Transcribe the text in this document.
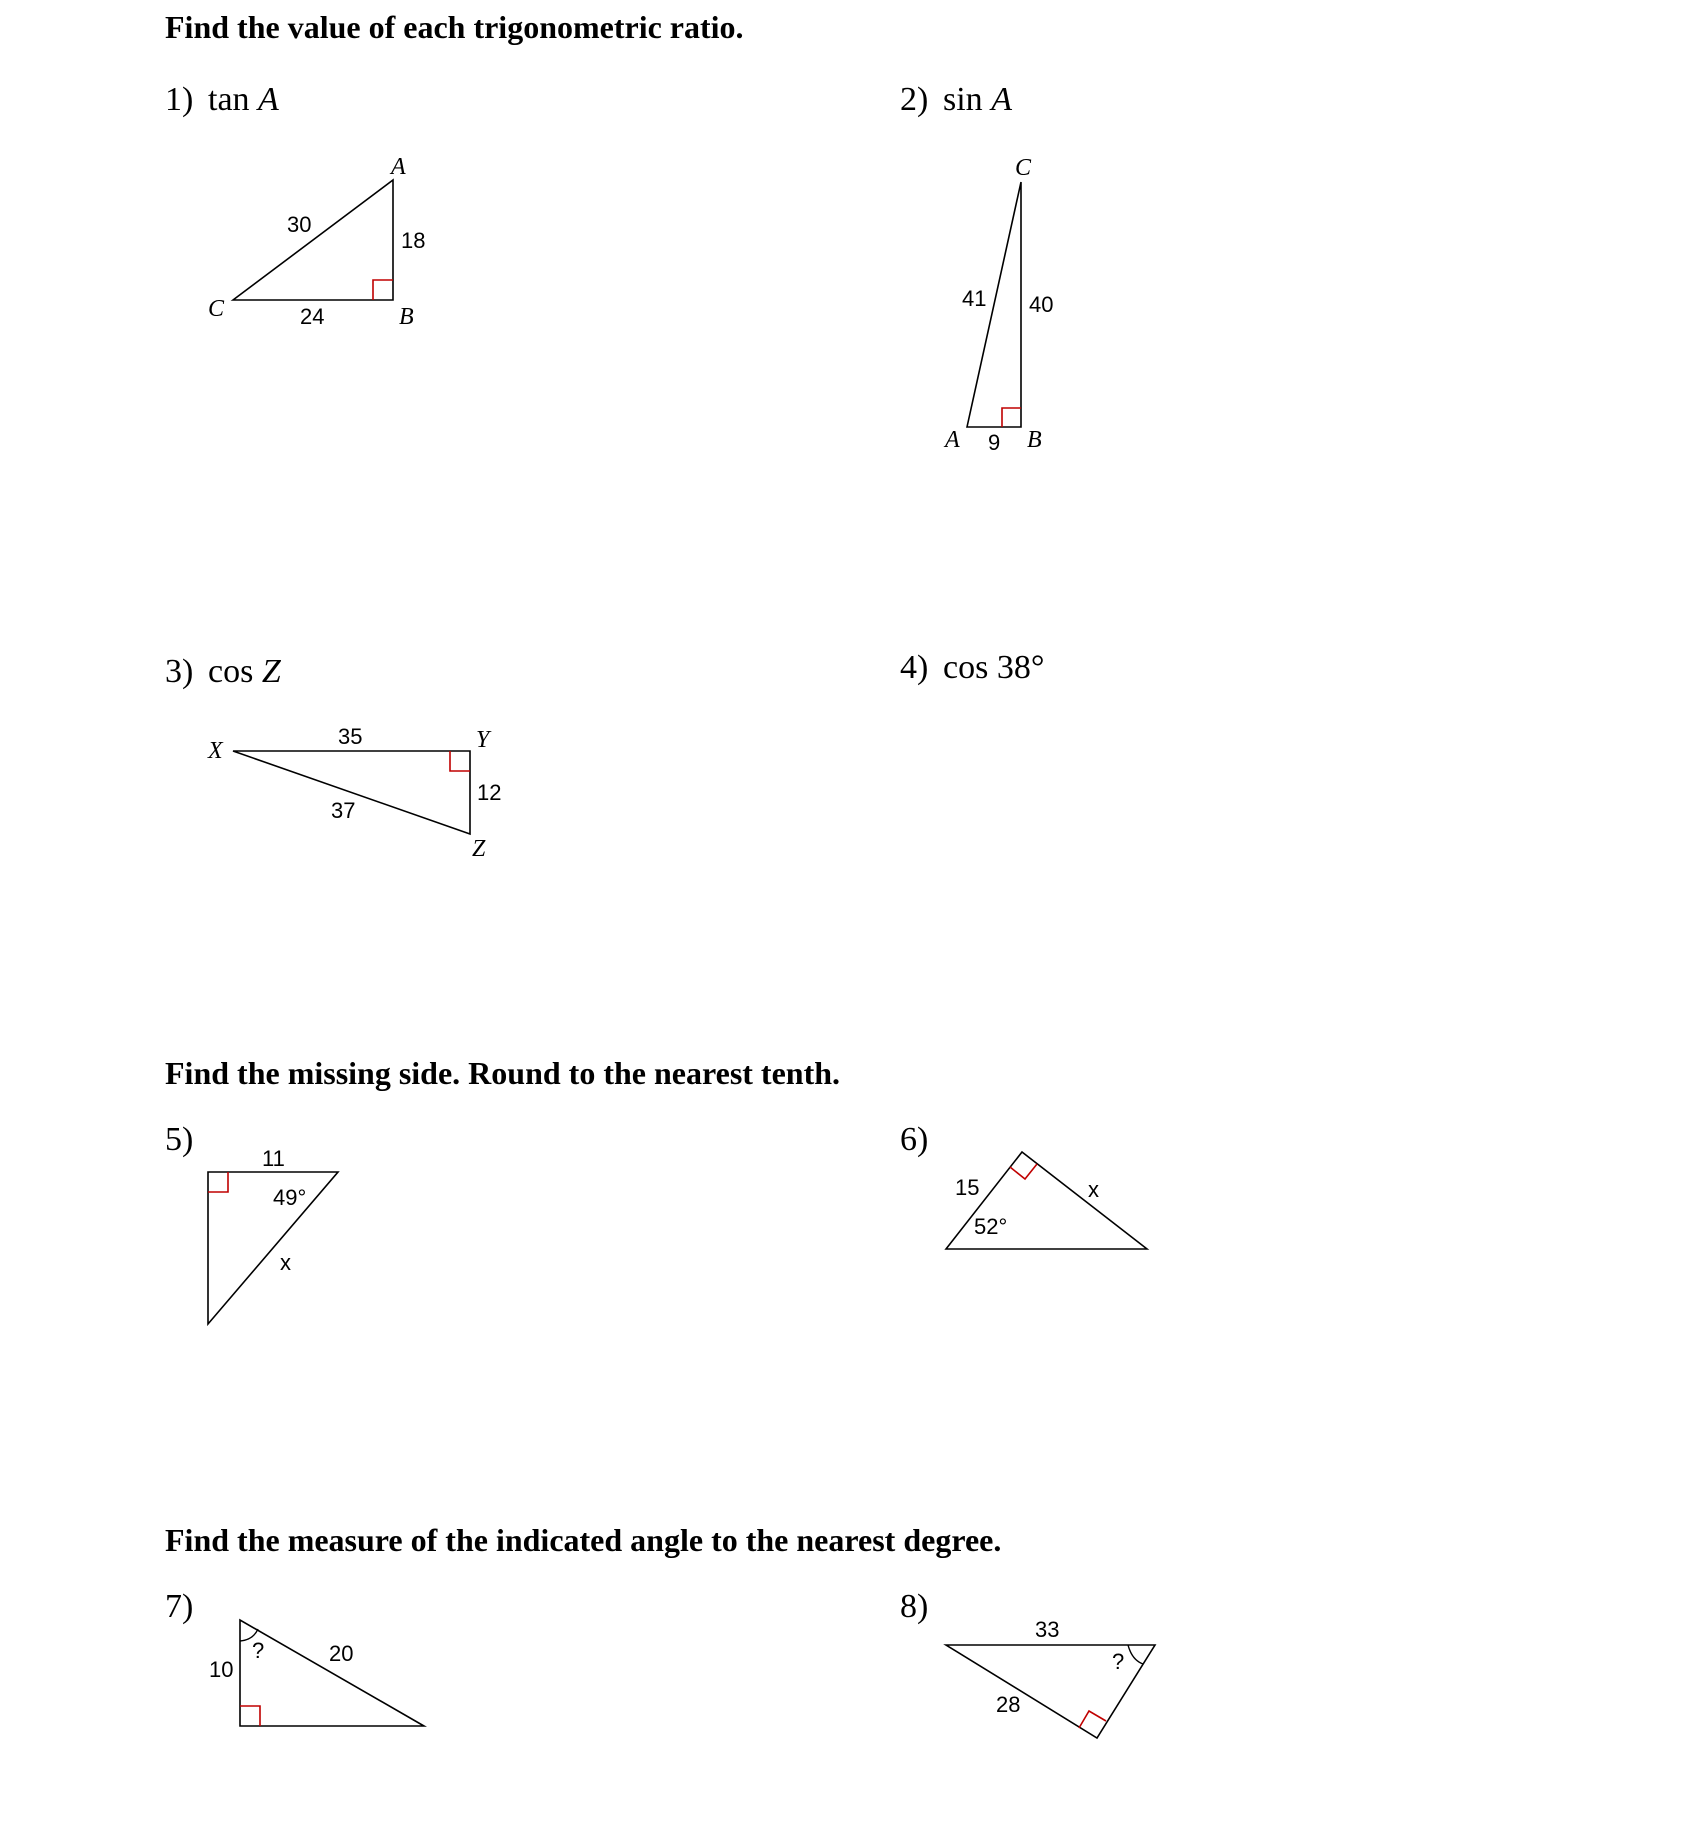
Find the value of each trigonometric ratio.
1) tan A
A
B
C
30
18
24
2) sin A
C
A	B
41 40
9
3) cos Z
X	Y
Z
35
37
12
4) cos 38°
Find the missing side. Round to the nearest tenth.
5)
11
49°
x
6)
15	x
52°
Find the measure of the indicated angle to the nearest degree.
7)
?
10
20
8)
33
?
28
